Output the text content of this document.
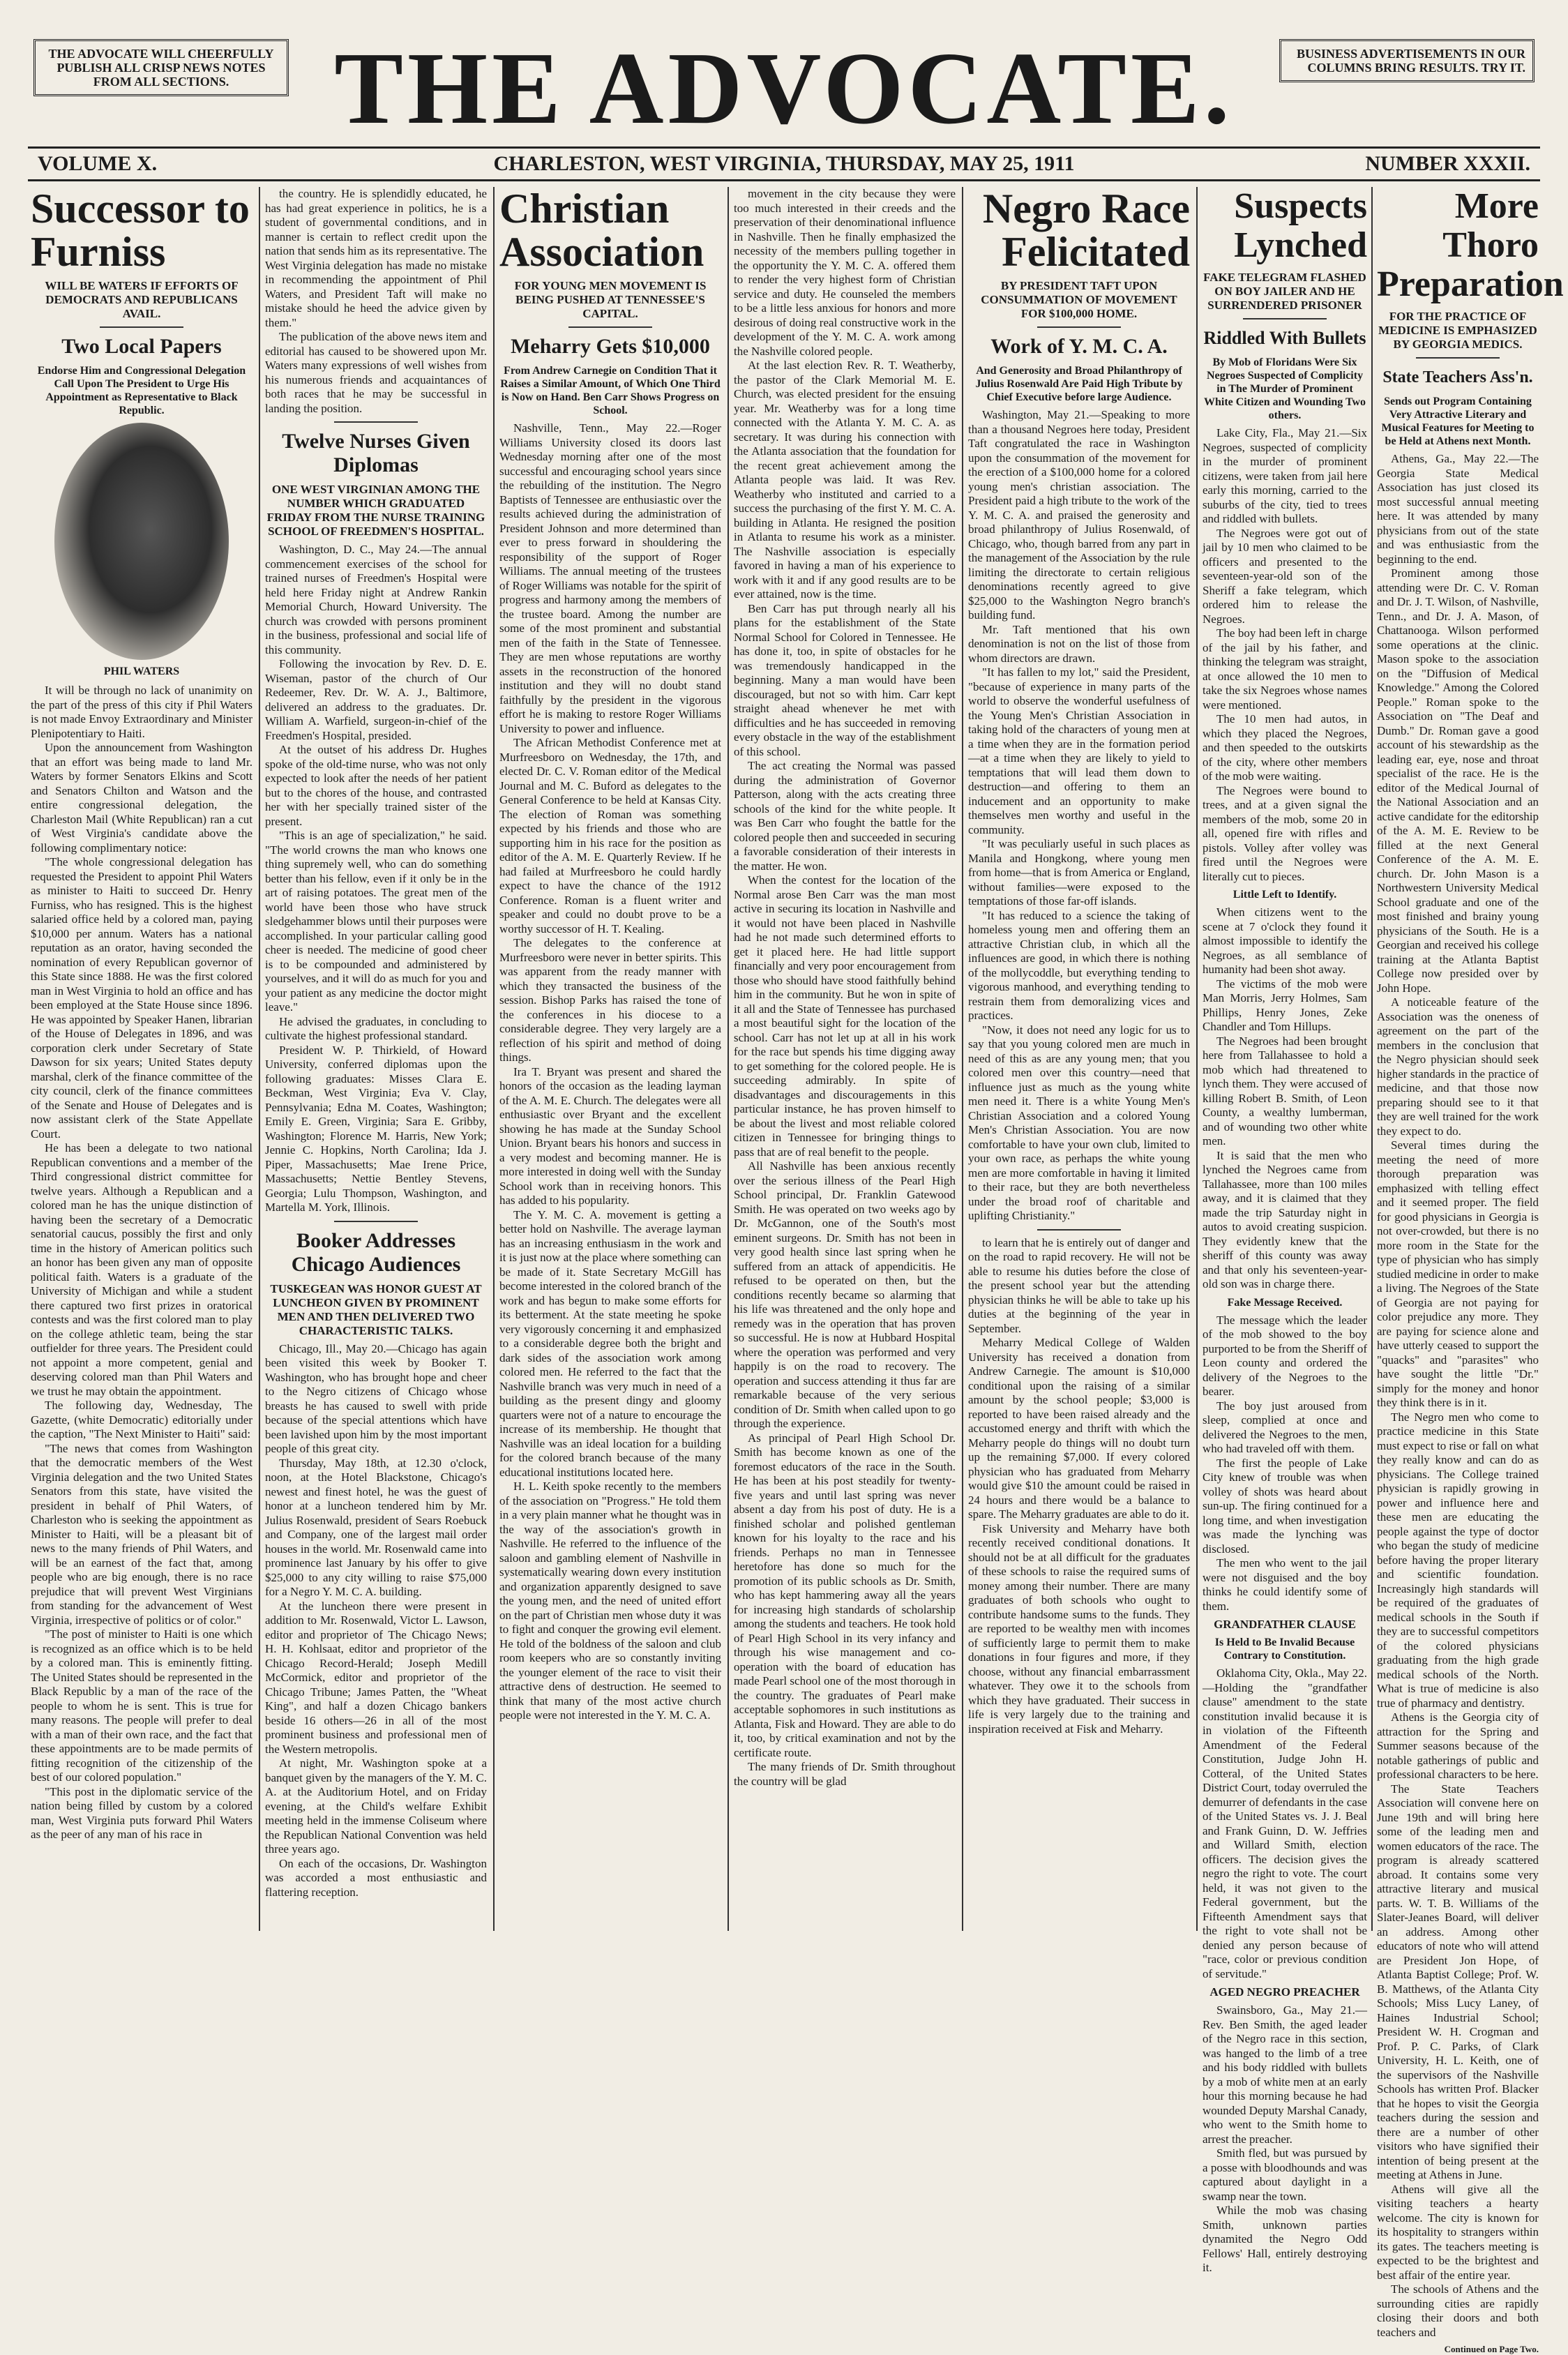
THE ADVOCATE WILL CHEERFULLY PUBLISH ALL CRISP NEWS NOTES FROM ALL SECTIONS.	THE ADVOCATE.	BUSINESS ADVERTISEMENTS IN OUR COLUMNS BRING RESULTS. TRY IT.
CHARLESTON, WEST VIRGINIA, THURSDAY, MAY 25, 1911
VOLUME X.	NUMBER XXXII.
Successor to Furniss
WILL BE WATERS IF EFFORTS OF DEMOCRATS AND REPUBLICANS AVAIL.
Two Local Papers
Endorse Him and Congressional Delegation Call Upon The President to Urge His Appointment as Representative to Black Republic.
PHIL WATERS

It will be through no lack of unanimity on the part of the press of this city if Phil Waters is not made Envoy Extraordinary and Minister Plenipotentiary to Haiti.

Upon the announcement from Washington that an effort was being made to land Mr. Waters by former Senators Elkins and Scott and Senators Chilton and Watson and the entire congressional delegation, the Charleston Mail (White Republican) ran a cut of West Virginia's candidate above the following complimentary notice:

"The whole congressional delegation has requested the President to appoint Phil Waters as minister to Haiti to succeed Dr. Henry Furniss, who has resigned. This is the highest salaried office held by a colored man, paying $10,000 per annum. Waters has a national reputation as an orator, having seconded the nomination of every Republican governor of this State since 1888. He was the first colored man in West Virginia to hold an office and has been employed at the State House since 1896. He was appointed by Speaker Hanen, librarian of the House of Delegates in 1896, and was corporation clerk under Secretary of State Dawson for six years; United States deputy marshal, clerk of the finance committee of the city council, clerk of the finance committees of the Senate and House of Delegates and is now assistant clerk of the State Appellate Court.

He has been a delegate to two national Republican conventions and a member of the Third congressional district committee for twelve years. Although a Republican and a colored man he has the unique distinction of having been the secretary of a Democratic senatorial caucus, possibly the first and only time in the history of American politics such an honor has been given any man of opposite political faith. Waters is a graduate of the University of Michigan and while a student there captured two first prizes in oratorical contests and was the first colored man to play on the college athletic team, being the star outfielder for three years. The President could not appoint a more competent, genial and deserving colored man than Phil Waters and we trust he may obtain the appointment.

The following day, Wednesday, The Gazette, (white Democratic) editorially under the caption, "The Next Minister to Haiti" said:

"The news that comes from Washington that the democratic members of the West Virginia delegation and the two United States Senators from this state, have visited the president in behalf of Phil Waters, of Charleston who is seeking the appointment as Minister to Haiti, will be a pleasant bit of news to the many friends of Phil Waters, and will be an earnest of the fact that, among people who are big enough, there is no race prejudice that will prevent West Virginians from standing for the advancement of West Virginia, irrespective of politics or of color."

"The post of minister to Haiti is one which is recognized as an office which is to be held by a colored man. This is eminently fitting. The United States should be represented in the Black Republic by a man of the race of the people to whom he is sent. This is true for many reasons. The people will prefer to deal with a man of their own race, and the fact that these appointments are to be made permits of fitting recognition of the citizenship of the best of our colored population."

"This post in the diplomatic service of the nation being filled by custom by a colored man, West Virginia puts forward Phil Waters as the peer of any man of his race in

the country. He is splendidly educated, he has had great experience in politics, he is a student of governmental conditions, and in manner is certain to reflect credit upon the nation that sends him as its representative. The West Virginia delegation has made no mistake in recommending the appointment of Phil Waters, and President Taft will make no mistake should he heed the advice given by them."

The publication of the above news item and editorial has caused to be showered upon Mr. Waters many expressions of well wishes from his numerous friends and acquaintances of both races that he may be successful in landing the position.

Twelve Nurses Given Diplomas
ONE WEST VIRGINIAN AMONG THE NUMBER WHICH GRADUATED FRIDAY FROM THE NURSE TRAINING SCHOOL OF FREEDMEN'S HOSPITAL.

Washington, D. C., May 24.—The annual commencement exercises of the school for trained nurses of Freedmen's Hospital were held here Friday night at Andrew Rankin Memorial Church, Howard University. The church was crowded with persons prominent in the business, professional and social life of this community.

Following the invocation by Rev. D. E. Wiseman, pastor of the church of Our Redeemer, Rev. Dr. W. A. J., Baltimore, delivered an address to the graduates. Dr. William A. Warfield, surgeon-in-chief of the Freedmen's Hospital, presided.

At the outset of his address Dr. Hughes spoke of the old-time nurse, who was not only expected to look after the needs of her patient but to the chores of the house, and contrasted her with her specially trained sister of the present.

"This is an age of specialization," he said. "The world crowns the man who knows one thing supremely well, who can do something better than his fellow, even if it only be in the art of raising potatoes. The great men of the world have been those who have struck sledgehammer blows until their purposes were accomplished. In your particular calling good cheer is needed. The medicine of good cheer is to be compounded and administered by yourselves, and it will do as much for you and your patient as any medicine the doctor might leave."

He advised the graduates, in concluding to cultivate the highest professional standard.

President W. P. Thirkield, of Howard University, conferred diplomas upon the following graduates: Misses Clara E. Beckman, West Virginia; Eva V. Clay, Pennsylvania; Edna M. Coates, Washington; Emily E. Green, Virginia; Sara E. Gribby, Washington; Florence M. Harris, New York; Jennie C. Hopkins, North Carolina; Ida J. Piper, Massachusetts; Mae Irene Price, Massachusetts; Nettie Bentley Stevens, Georgia; Lulu Thompson, Washington, and Martella M. York, Illinois.

Booker Addresses Chicago Audiences
TUSKEGEAN WAS HONOR GUEST AT LUNCHEON GIVEN BY PROMINENT MEN AND THEN DELIVERED TWO CHARACTERISTIC TALKS.

Chicago, Ill., May 20.—Chicago has again been visited this week by Booker T. Washington, who has brought hope and cheer to the Negro citizens of Chicago whose breasts he has caused to swell with pride because of the special attentions which have been lavished upon him by the most important people of this great city.

Thursday, May 18th, at 12.30 o'clock, noon, at the Hotel Blackstone, Chicago's newest and finest hotel, he was the guest of honor at a luncheon tendered him by Mr. Julius Rosenwald, president of Sears Roebuck and Company, one of the largest mail order houses in the world. Mr. Rosenwald came into prominence last January by his offer to give $25,000 to any city willing to raise $75,000 for a Negro Y. M. C. A. building.

At the luncheon there were present in addition to Mr. Rosenwald, Victor L. Lawson, editor and proprietor of The Chicago News; H. H. Kohlsaat, editor and proprietor of the Chicago Record-Herald; Joseph Medill McCormick, editor and proprietor of the Chicago Tribune; James Patten, the "Wheat King", and half a dozen Chicago bankers beside 16 others—26 in all of the most prominent business and professional men of the Western metropolis.

At night, Mr. Washington spoke at a banquet given by the managers of the Y. M. C. A. at the Auditorium Hotel, and on Friday evening, at the Child's welfare Exhibit meeting held in the immense Coliseum where the Republican National Convention was held three years ago.

On each of the occasions, Dr. Washington was accorded a most enthusiastic and flattering reception.

Christian Association
FOR YOUNG MEN MOVEMENT IS BEING PUSHED AT TENNESSEE'S CAPITAL.
Meharry Gets $10,000
From Andrew Carnegie on Condition That it Raises a Similar Amount, of Which One Third is Now on Hand. Ben Carr Shows Progress on School.

Nashville, Tenn., May 22.—Roger Williams University closed its doors last Wednesday morning after one of the most successful and encouraging school years since the rebuilding of the institution. The Negro Baptists of Tennessee are enthusiastic over the results achieved during the administration of President Johnson and more determined than ever to press forward in shouldering the responsibility of the support of Roger Williams. The annual meeting of the trustees of Roger Williams was notable for the spirit of progress and harmony among the members of the trustee board. Among the number are some of the most prominent and substantial men of the faith in the State of Tennessee. They are men whose reputations are worthy assets in the reconstruction of the honored institution and they will no doubt stand faithfully by the president in the vigorous effort he is making to restore Roger Williams University to power and influence.

The African Methodist Conference met at Murfreesboro on Wednesday, the 17th, and elected Dr. C. V. Roman editor of the Medical Journal and M. C. Buford as delegates to the General Conference to be held at Kansas City. The election of Roman was something expected by his friends and those who are supporting him in his race for the position as editor of the A. M. E. Quarterly Review. If he had failed at Murfreesboro he could hardly expect to have the chance of the 1912 Conference. Roman is a fluent writer and speaker and could no doubt prove to be a worthy successor of H. T. Kealing.

The delegates to the conference at Murfreesboro were never in better spirits. This was apparent from the ready manner with which they transacted the business of the session. Bishop Parks has raised the tone of the conferences in his diocese to a considerable degree. They very largely are a reflection of his spirit and method of doing things.

Ira T. Bryant was present and shared the honors of the occasion as the leading layman of the A. M. E. Church. The delegates were all enthusiastic over Bryant and the excellent showing he has made at the Sunday School Union. Bryant bears his honors and success in a very modest and becoming manner. He is more interested in doing well with the Sunday School work than in receiving honors. This has added to his popularity.

The Y. M. C. A. movement is getting a better hold on Nashville. The average layman has an increasing enthusiasm in the work and it is just now at the place where something can be made of it. State Secretary McGill has become interested in the colored branch of the work and has begun to make some efforts for its betterment. At the state meeting he spoke very vigorously concerning it and emphasized to a considerable degree both the bright and dark sides of the association work among colored men. He referred to the fact that the Nashville branch was very much in need of a building as the present dingy and gloomy quarters were not of a nature to encourage the increase of its membership. He thought that Nashville was an ideal location for a building for the colored branch because of the many educational institutions located here.

H. L. Keith spoke recently to the members of the association on "Progress." He told them in a very plain manner what he thought was in the way of the association's growth in Nashville. He referred to the influence of the saloon and gambling element of Nashville in systematically wearing down every institution and organization apparently designed to save the young men, and the need of united effort on the part of Christian men whose duty it was to fight and conquer the growing evil element. He told of the boldness of the saloon and club room keepers who are so constantly inviting the younger element of the race to visit their attractive dens of destruction. He seemed to think that many of the most active church people were not interested in the Y. M. C. A.

movement in the city because they were too much interested in their creeds and the preservation of their denominational influence in Nashville. Then he finally emphasized the necessity of the members pulling together in the opportunity the Y. M. C. A. offered them to render the very highest form of Christian service and duty. He counseled the members to be a little less anxious for honors and more desirous of doing real constructive work in the development of the Y. M. C. A. work among the Nashville colored people.

At the last election Rev. R. T. Weatherby, the pastor of the Clark Memorial M. E. Church, was elected president for the ensuing year. Mr. Weatherby was for a long time connected with the Atlanta Y. M. C. A. as secretary. It was during his connection with the Atlanta association that the foundation for the recent great achievement among the Atlanta people was laid. It was Rev. Weatherby who instituted and carried to a success the purchasing of the first Y. M. C. A. building in Atlanta. He resigned the position in Atlanta to resume his work as a minister. The Nashville association is especially favored in having a man of his experience to work with it and if any good results are to be ever attained, now is the time.

Ben Carr has put through nearly all his plans for the establishment of the State Normal School for Colored in Tennessee. He has done it, too, in spite of obstacles for he was tremendously handicapped in the beginning. Many a man would have been discouraged, but not so with him. Carr kept straight ahead whenever he met with difficulties and he has succeeded in removing every obstacle in the way of the establishment of this school.

The act creating the Normal was passed during the administration of Governor Patterson, along with the acts creating three schools of the kind for the white people. It was Ben Carr who fought the battle for the colored people then and succeeded in securing a favorable consideration of their interests in the matter. He won.

When the contest for the location of the Normal arose Ben Carr was the man most active in securing its location in Nashville and it would not have been placed in Nashville had he not made such determined efforts to get it placed here. He had little support financially and very poor encouragement from those who should have stood faithfully behind him in the community. But he won in spite of it all and the State of Tennessee has purchased a most beautiful sight for the location of the school. Carr has not let up at all in his work for the race but spends his time digging away to get something for the colored people. He is succeeding admirably. In spite of disadvantages and discouragements in this particular instance, he has proven himself to be about the livest and most reliable colored citizen in Tennessee for bringing things to pass that are of real benefit to the people.

All Nashville has been anxious recently over the serious illness of the Pearl High School principal, Dr. Franklin Gatewood Smith. He was operated on two weeks ago by Dr. McGannon, one of the South's most eminent surgeons. Dr. Smith has not been in very good health since last spring when he suffered from an attack of appendicitis. He refused to be operated on then, but the conditions recently became so alarming that his life was threatened and the only hope and remedy was in the operation that has proven so successful. He is now at Hubbard Hospital where the operation was performed and very happily is on the road to recovery. The operation and success attending it thus far are remarkable because of the very serious condition of Dr. Smith when called upon to go through the experience.

As principal of Pearl High School Dr. Smith has become known as one of the foremost educators of the race in the South. He has been at his post steadily for twenty-five years and until last spring was never absent a day from his post of duty. He is a finished scholar and polished gentleman known for his loyalty to the race and his friends. Perhaps no man in Tennessee heretofore has done so much for the promotion of its public schools as Dr. Smith, who has kept hammering away all the years for increasing high standards of scholarship among the students and teachers. He took hold of Pearl High School in its very infancy and through his wise management and co-operation with the board of education has made Pearl school one of the most thorough in the country. The graduates of Pearl make acceptable sophomores in such institutions as Atlanta, Fisk and Howard. They are able to do it, too, by critical examination and not by the certificate route.

The many friends of Dr. Smith throughout the country will be glad

Negro Race Felicitated
BY PRESIDENT TAFT UPON CONSUMMATION OF MOVEMENT FOR $100,000 HOME.
Work of Y. M. C. A.
And Generosity and Broad Philanthropy of Julius Rosenwald Are Paid High Tribute by Chief Executive before large Audience.

Washington, May 21.—Speaking to more than a thousand Negroes here today, President Taft congratulated the race in Washington upon the consummation of the movement for the erection of a $100,000 home for a colored young men's christian association. The President paid a high tribute to the work of the Y. M. C. A. and praised the generosity and broad philanthropy of Julius Rosenwald, of Chicago, who, though barred from any part in the management of the Association by the rule limiting the directorate to certain religious denominations recently agreed to give $25,000 to the Washington Negro branch's building fund.

Mr. Taft mentioned that his own denomination is not on the list of those from whom directors are drawn.

"It has fallen to my lot," said the President, "because of experience in many parts of the world to observe the wonderful usefulness of the Young Men's Christian Association in taking hold of the characters of young men at a time when they are in the formation period—at a time when they are likely to yield to temptations that will lead them down to destruction—and offering to them an inducement and an opportunity to make themselves men worthy and useful in the community.

"It was peculiarly useful in such places as Manila and Hongkong, where young men from home—that is from America or England, without families—were exposed to the temptations of those far-off islands.

"It has reduced to a science the taking of homeless young men and offering them an attractive Christian club, in which all the influences are good, in which there is nothing of the mollycoddle, but everything tending to vigorous manhood, and everything tending to restrain them from demoralizing vices and practices.

"Now, it does not need any logic for us to say that you young colored men are much in need of this as are any young men; that you colored men over this country—need that influence just as much as the young white men need it. There is a white Young Men's Christian Association and a colored Young Men's Christian Association. You are now comfortable to have your own club, limited to your own race, as perhaps the white young men are more comfortable in having it limited to their race, but they are both nevertheless under the broad roof of charitable and uplifting Christianity."

to learn that he is entirely out of danger and on the road to rapid recovery. He will not be able to resume his duties before the close of the present school year but the attending physician thinks he will be able to take up his duties at the beginning of the year in September.

Meharry Medical College of Walden University has received a donation from Andrew Carnegie. The amount is $10,000 conditional upon the raising of a similar amount by the school people; $3,000 is reported to have been raised already and the accustomed energy and thrift with which the Meharry people do things will no doubt turn up the remaining $7,000. If every colored physician who has graduated from Meharry would give $10 the amount could be raised in 24 hours and there would be a balance to spare. The Meharry graduates are able to do it.

Fisk University and Meharry have both recently received conditional donations. It should not be at all difficult for the graduates of these schools to raise the required sums of money among their number. There are many graduates of both schools who ought to contribute handsome sums to the funds. They are reported to be wealthy men with incomes of sufficiently large to permit them to make donations in four figures and more, if they choose, without any financial embarrassment whatever. They owe it to the schools from which they have graduated. Their success in life is very largely due to the training and inspiration received at Fisk and Meharry.

Suspects Lynched
FAKE TELEGRAM FLASHED ON BOY JAILER AND HE SURRENDERED PRISONER
Riddled With Bullets
By Mob of Floridans Were Six Negroes Suspected of Complicity in The Murder of Prominent White Citizen and Wounding Two others.

Lake City, Fla., May 21.—Six Negroes, suspected of complicity in the murder of prominent citizens, were taken from jail here early this morning, carried to the suburbs of the city, tied to trees and riddled with bullets.

The Negroes were got out of jail by 10 men who claimed to be officers and presented to the seventeen-year-old son of the Sheriff a fake telegram, which ordered him to release the Negroes.

The boy had been left in charge of the jail by his father, and thinking the telegram was straight, at once allowed the 10 men to take the six Negroes whose names were mentioned.

The 10 men had autos, in which they placed the Negroes, and then speeded to the outskirts of the city, where other members of the mob were waiting.

The Negroes were bound to trees, and at a given signal the members of the mob, some 20 in all, opened fire with rifles and pistols. Volley after volley was fired until the Negroes were literally cut to pieces.

Little Left to Identify.

When citizens went to the scene at 7 o'clock they found it almost impossible to identify the Negroes, as all semblance of humanity had been shot away.

The victims of the mob were Man Morris, Jerry Holmes, Sam Phillips, Henry Jones, Zeke Chandler and Tom Hillups.

The Negroes had been brought here from Tallahassee to hold a mob which had threatened to lynch them. They were accused of killing Robert B. Smith, of Leon County, a wealthy lumberman, and of wounding two other white men.

It is said that the men who lynched the Negroes came from Tallahassee, more than 100 miles away, and it is claimed that they made the trip Saturday night in autos to avoid creating suspicion. They evidently knew that the sheriff of this county was away and that only his seventeen-year-old son was in charge there.

Fake Message Received.

The message which the leader of the mob showed to the boy purported to be from the Sheriff of Leon county and ordered the delivery of the Negroes to the bearer.

The boy just aroused from sleep, complied at once and delivered the Negroes to the men, who had traveled off with them.

The first the people of Lake City knew of trouble was when volley of shots was heard about sun-up. The firing continued for a long time, and when investigation was made the lynching was disclosed.

The men who went to the jail were not disguised and the boy thinks he could identify some of them.

GRANDFATHER CLAUSE
Is Held to Be Invalid Because Contrary to Constitution.

Oklahoma City, Okla., May 22.—Holding the "grandfather clause" amendment to the state constitution invalid because it is in violation of the Fifteenth Amendment of the Federal Constitution, Judge John H. Cotteral, of the United States District Court, today overruled the demurrer of defendants in the case of the United States vs. J. J. Beal and Frank Guinn, D. W. Jeffries and Willard Smith, election officers. The decision gives the negro the right to vote. The court held, it was not given to the Federal government, but the Fifteenth Amendment says that the right to vote shall not be denied any person because of "race, color or previous condition of servitude."

AGED NEGRO PREACHER

Swainsboro, Ga., May 21.—Rev. Ben Smith, the aged leader of the Negro race in this section, was hanged to the limb of a tree and his body riddled with bullets by a mob of white men at an early hour this morning because he had wounded Deputy Marshal Canady, who went to the Smith home to arrest the preacher.

Smith fled, but was pursued by a posse with bloodhounds and was captured about daylight in a swamp near the town.

While the mob was chasing Smith, unknown parties dynamited the Negro Odd Fellows' Hall, entirely destroying it.

More Thoro Preparation
FOR THE PRACTICE OF MEDICINE IS EMPHASIZED BY GEORGIA MEDICS.
State Teachers Ass'n.
Sends out Program Containing Very Attractive Literary and Musical Features for Meeting to be Held at Athens next Month.

Athens, Ga., May 22.—The Georgia State Medical Association has just closed its most successful annual meeting here. It was attended by many physicians from out of the state and was enthusiastic from the beginning to the end.

Prominent among those attending were Dr. C. V. Roman and Dr. J. T. Wilson, of Nashville, Tenn., and Dr. J. A. Mason, of Chattanooga. Wilson performed some operations at the clinic. Mason spoke to the association on the "Diffusion of Medical Knowledge." Among the Colored People." Roman spoke to the Association on "The Deaf and Dumb." Dr. Roman gave a good account of his stewardship as the leading ear, eye, nose and throat specialist of the race. He is the editor of the Medical Journal of the National Association and an active candidate for the editorship of the A. M. E. Review to be filled at the next General Conference of the A. M. E. church. Dr. John Mason is a Northwestern University Medical School graduate and one of the most finished and brainy young physicians of the South. He is a Georgian and received his college training at the Atlanta Baptist College now presided over by John Hope.

A noticeable feature of the Association was the oneness of agreement on the part of the members in the conclusion that the Negro physician should seek higher standards in the practice of medicine, and that those now preparing should see to it that they are well trained for the work they expect to do.

Several times during the meeting the need of more thorough preparation was emphasized with telling effect and it seemed proper. The field for good physicians in Georgia is not over-crowded, but there is no more room in the State for the type of physician who has simply studied medicine in order to make a living. The Negroes of the State of Georgia are not paying for color prejudice any more. They are paying for science alone and have utterly ceased to support the "quacks" and "parasites" who have sought the little "Dr." simply for the money and honor they think there is in it.

The Negro men who come to practice medicine in this State must expect to rise or fall on what they really know and can do as physicians. The College trained physician is rapidly growing in power and influence here and these men are educating the people against the type of doctor who began the study of medicine before having the proper literary and scientific foundation. Increasingly high standards will be required of the graduates of medical schools in the South if they are to successful competitors of the colored physicians graduating from the high grade medical schools of the North. What is true of medicine is also true of pharmacy and dentistry.

Athens is the Georgia city of attraction for the Spring and Summer seasons because of the notable gatherings of public and professional characters to be here.

The State Teachers Association will convene here on June 19th and will bring here some of the leading men and women educators of the race. The program is already scattered abroad. It contains some very attractive literary and musical parts. W. T. B. Williams of the Slater-Jeanes Board, will deliver an address. Among other educators of note who will attend are President Jon Hope, of Atlanta Baptist College; Prof. W. B. Matthews, of the Atlanta City Schools; Miss Lucy Laney, of Haines Industrial School; President W. H. Crogman and Prof. P. C. Parks, of Clark University, H. L. Keith, one of the supervisors of the Nashville Schools has written Prof. Blacker that he hopes to visit the Georgia teachers during the session and there are a number of other visitors who have signified their intention of being present at the meeting at Athens in June.

Athens will give all the visiting teachers a hearty welcome. The city is known for its hospitality to strangers within its gates. The teachers meeting is expected to be the brightest and best affair of the entire year.

The schools of Athens and the surrounding cities are rapidly closing their doors and both teachers and

Continued on Page Two.
